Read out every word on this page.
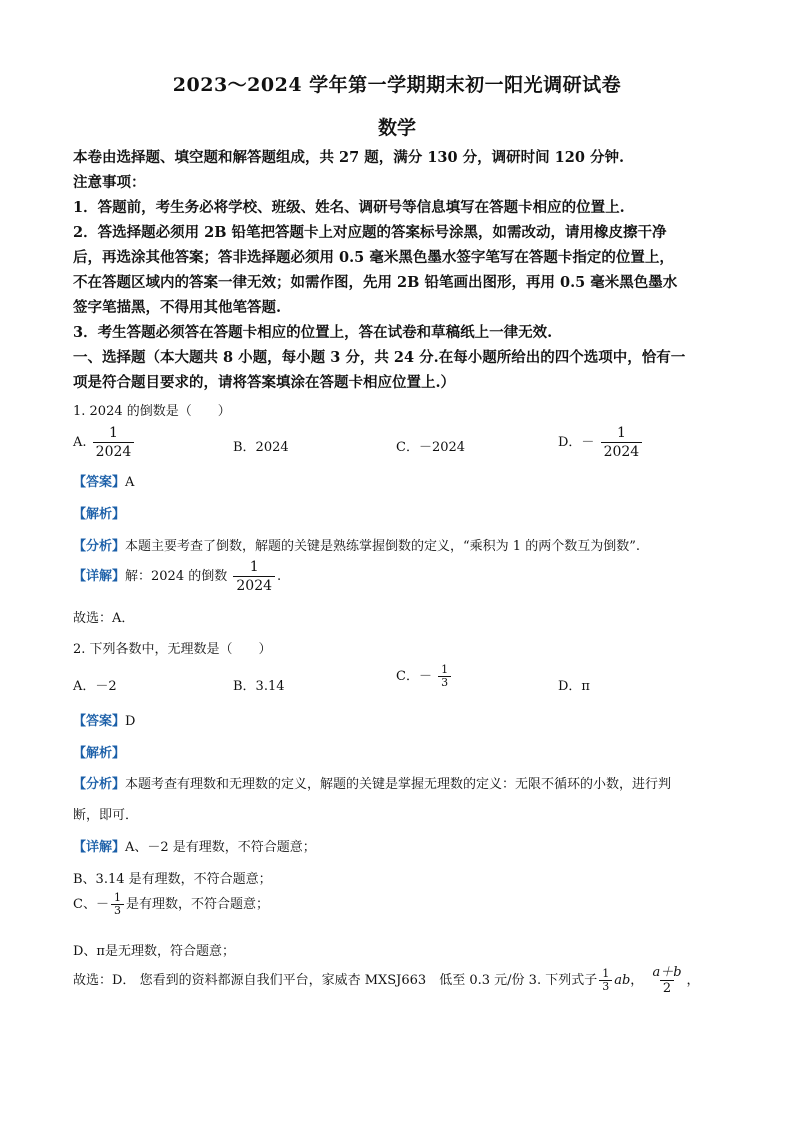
2023～2024 学年第一学期期末初一阳光调研试卷
数学
本卷由选择题、填空题和解答题组成，共 27 题，满分 130 分，调研时间 120 分钟.
注意事项：
1．答题前，考生务必将学校、班级、姓名、调研号等信息填写在答题卡相应的位置上.
2．答选择题必须用 2B 铅笔把答题卡上对应题的答案标号涂黑，如需改动，请用橡皮擦干净
后，再选涂其他答案；答非选择题必须用 0.5 毫米黑色墨水签字笔写在答题卡指定的位置上，
不在答题区域内的答案一律无效；如需作图，先用 2B 铅笔画出图形，再用 0.5 毫米黑色墨水
签字笔描黑，不得用其他笔答题.
3．考生答题必须答在答题卡相应的位置上，答在试卷和草稿纸上一律无效.
一、选择题（本大题共 8 小题，每小题 3 分，共 24 分.在每小题所给出的四个选项中，恰有一
项是符合题目要求的，请将答案填涂在答题卡相应位置上.）
1. 2024 的倒数是（　　）
A. $\frac{1}{2024}$	B．2024	C．－2024	D．－ $\frac{1}{2024}$
【答案】A
【解析】
【分析】本题主要考查了倒数，解题的关键是熟练掌握倒数的定义，“乘积为 1 的两个数互为倒数”.
【详解】解：2024 的倒数 $\frac{1}{2024}$ .
故选：A．
2. 下列各数中，无理数是（　　）
A．－2	B．3.14
C．－ $\frac{1}{3}$	D．π
【答案】D
【解析】
【分析】本题考查有理数和无理数的定义，解题的关键是掌握无理数的定义：无限不循环的小数，进行判
断，即可．
【详解】A、－2 是有理数，不符合题意；
B、3.14 是有理数，不符合题意；
C、－ $\frac{1}{3}$ 是有理数，不符合题意；
D、π是无理数，符合题意；
故选：D． 您看到的资料都源自我们平台，家威杏 MXSJ663　低至 0.3 元/份 3. 下列式子 $\frac{1}{3}$ ab， $\frac{a+b}{2}$ ，
